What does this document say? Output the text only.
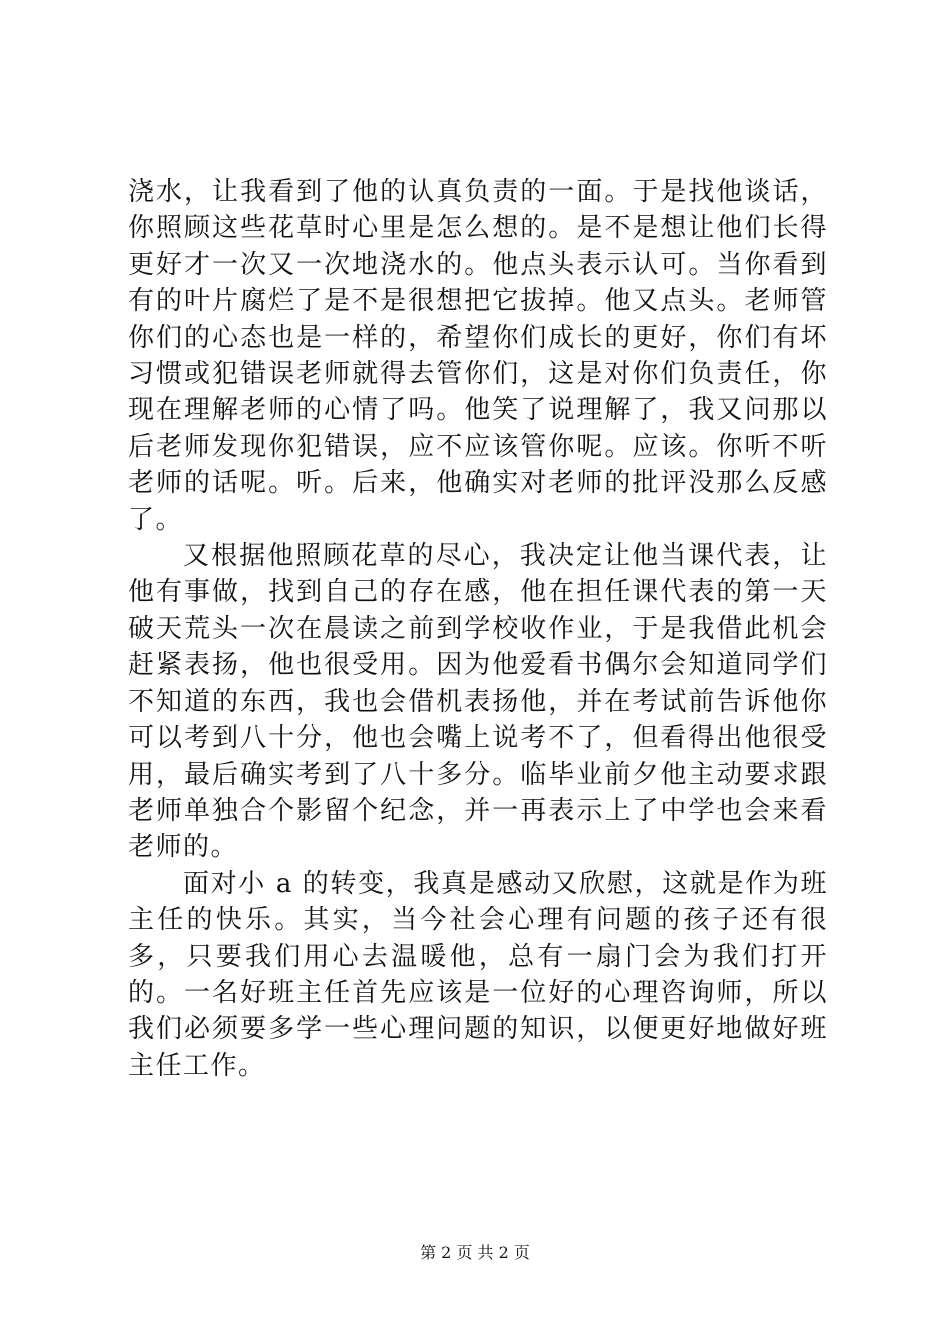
浇水，让我看到了他的认真负责的一面。于是找他谈话，你照顾这些花草时心里是怎么想的。是不是想让他们长得更好才一次又一次地浇水的。他点头表示认可。当你看到有的叶片腐烂了是不是很想把它拔掉。他又点头。老师管你们的心态也是一样的，希望你们成长的更好，你们有坏习惯或犯错误老师就得去管你们，这是对你们负责任，你现在理解老师的心情了吗。他笑了说理解了，我又问那以后老师发现你犯错误，应不应该管你呢。应该。你听不听老师的话呢。听。后来，他确实对老师的批评没那么反感了。

又根据他照顾花草的尽心，我决定让他当课代表，让他有事做，找到自己的存在感，他在担任课代表的第一天破天荒头一次在晨读之前到学校收作业，于是我借此机会赶紧表扬，他也很受用。因为他爱看书偶尔会知道同学们不知道的东西，我也会借机表扬他，并在考试前告诉他你可以考到八十分，他也会嘴上说考不了，但看得出他很受用，最后确实考到了八十多分。临毕业前夕他主动要求跟老师单独合个影留个纪念，并一再表示上了中学也会来看老师的。

面对小 a 的转变，我真是感动又欣慰，这就是作为班主任的快乐。其实，当今社会心理有问题的孩子还有很多，只要我们用心去温暖他，总有一扇门会为我们打开的。一名好班主任首先应该是一位好的心理咨询师，所以我们必须要多学一些心理问题的知识，以便更好地做好班主任工作。

第 2 页 共 2 页
